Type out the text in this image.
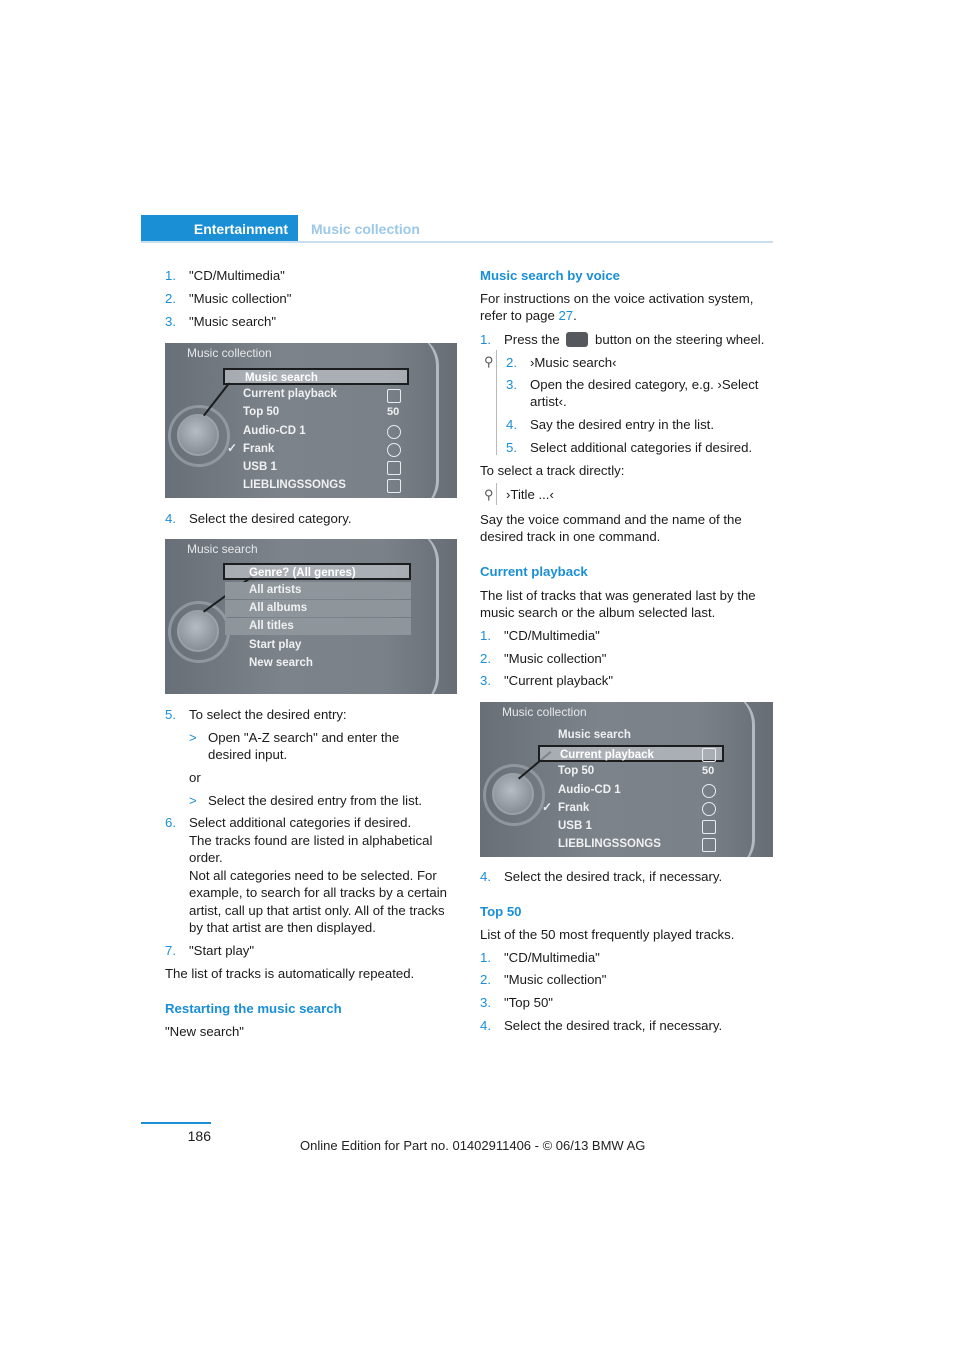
Entertainment	Music collection
1. "CD/Multimedia"
2. "Music collection"
3. "Music search"
Music collection
Music search
Current playback
Top 50
Audio-CD 1
✓ Frank
USB 1
LIEBLINGSSONGS
50
4. Select the desired category.
Music search
Genre? (All genres)
All artists
All albums
All titles
Start play
New search
5. To select the desired entry:
> Open "A-Z search" and enter the
desired input.
or
> Select the desired entry from the list.
6. Select additional categories if desired.
The tracks found are listed in alphabetical
order.
Not all categories need to be selected. For
example, to search for all tracks by a certain
artist, call up that artist only. All of the tracks
by that artist are then displayed.
7. "Start play"
The list of tracks is automatically repeated.
Restarting the music search
"New search"
Music search by voice
For instructions on the voice activation system,
refer to page 27.
1. Press the  button on the steering wheel.
⚲ 2. ›Music search‹
3. Open the desired category, e.g. ›Select
artist‹.
4. Say the desired entry in the list.
5. Select additional categories if desired.
To select a track directly:
⚲ ›Title ...‹
Say the voice command and the name of the
desired track in one command.
Current playback
The list of tracks that was generated last by the
music search or the album selected last.
1. "CD/Multimedia"
2. "Music collection"
3. "Current playback"
Music collection
Music search
Current playback
Top 50
Audio-CD 1
✓ Frank
USB 1
LIEBLINGSSONGS
50
4. Select the desired track, if necessary.
Top 50
List of the 50 most frequently played tracks.
1. "CD/Multimedia"
2. "Music collection"
3. "Top 50"
4. Select the desired track, if necessary.
186
Online Edition for Part no. 01402911406 - © 06/13 BMW AG
